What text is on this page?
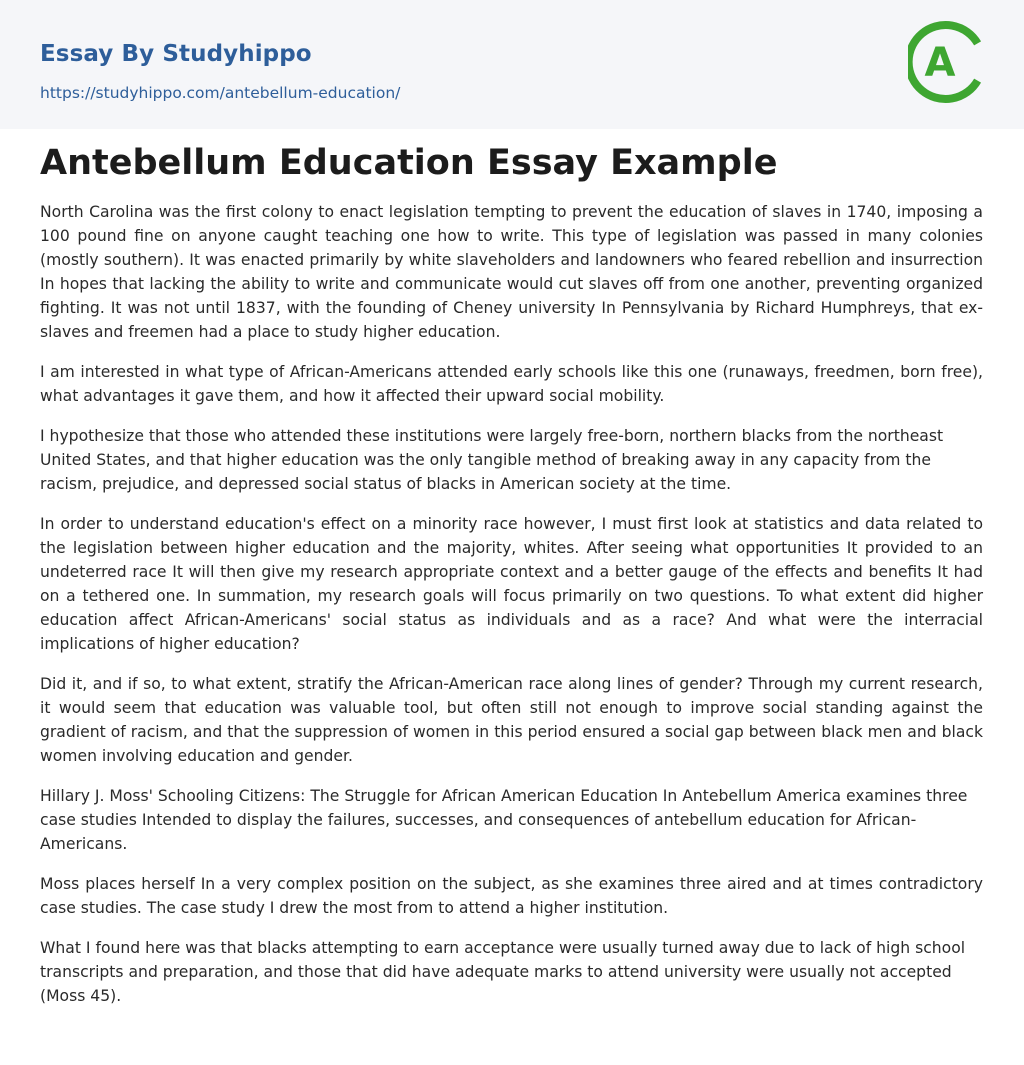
Essay By Studyhippo
https://studyhippo.com/antebellum-education/
A
Antebellum Education Essay Example

North Carolina was the first colony to enact legislation tempting to prevent the education of slaves in 1740, imposing a 100 pound fine on anyone caught teaching one how to write. This type of legislation was passed in many colonies (mostly southern). It was enacted primarily by white slaveholders and landowners who feared rebellion and insurrection In hopes that lacking the ability to write and communicate would cut slaves off from one another, preventing organized fighting. It was not until 1837, with the founding of Cheney university In Pennsylvania by Richard Humphreys, that ex-slaves and freemen had a place to study higher education.

I am interested in what type of African-Americans attended early schools like this one (runaways, freedmen, born free), what advantages it gave them, and how it affected their upward social mobility.

I hypothesize that those who attended these institutions were largely free-born, northern blacks from the northeast United States, and that higher education was the only tangible method of breaking away in any capacity from the racism, prejudice, and depressed social status of blacks in American society at the time.

In order to understand education's effect on a minority race however, I must first look at statistics and data related to the legislation between higher education and the majority, whites. After seeing what opportunities It provided to an undeterred race It will then give my research appropriate context and a better gauge of the effects and benefits It had on a tethered one. In summation, my research goals will focus primarily on two questions. To what extent did higher education affect African-Americans' social status as individuals and as a race? And what were the interracial implications of higher education?

Did it, and if so, to what extent, stratify the African-American race along lines of gender? Through my current research, it would seem that education was valuable tool, but often still not enough to improve social standing against the gradient of racism, and that the suppression of women in this period ensured a social gap between black men and black women involving education and gender.

Hillary J. Moss' Schooling Citizens: The Struggle for African American Education In Antebellum America examines three case studies Intended to display the failures, successes, and consequences of antebellum education for African-Americans.

Moss places herself In a very complex position on the subject, as she examines three aired and at times contradictory case studies. The case study I drew the most from to attend a higher institution.

What I found here was that blacks attempting to earn acceptance were usually turned away due to lack of high school transcripts and preparation, and those that did have adequate marks to attend university were usually not accepted (Moss 45).
